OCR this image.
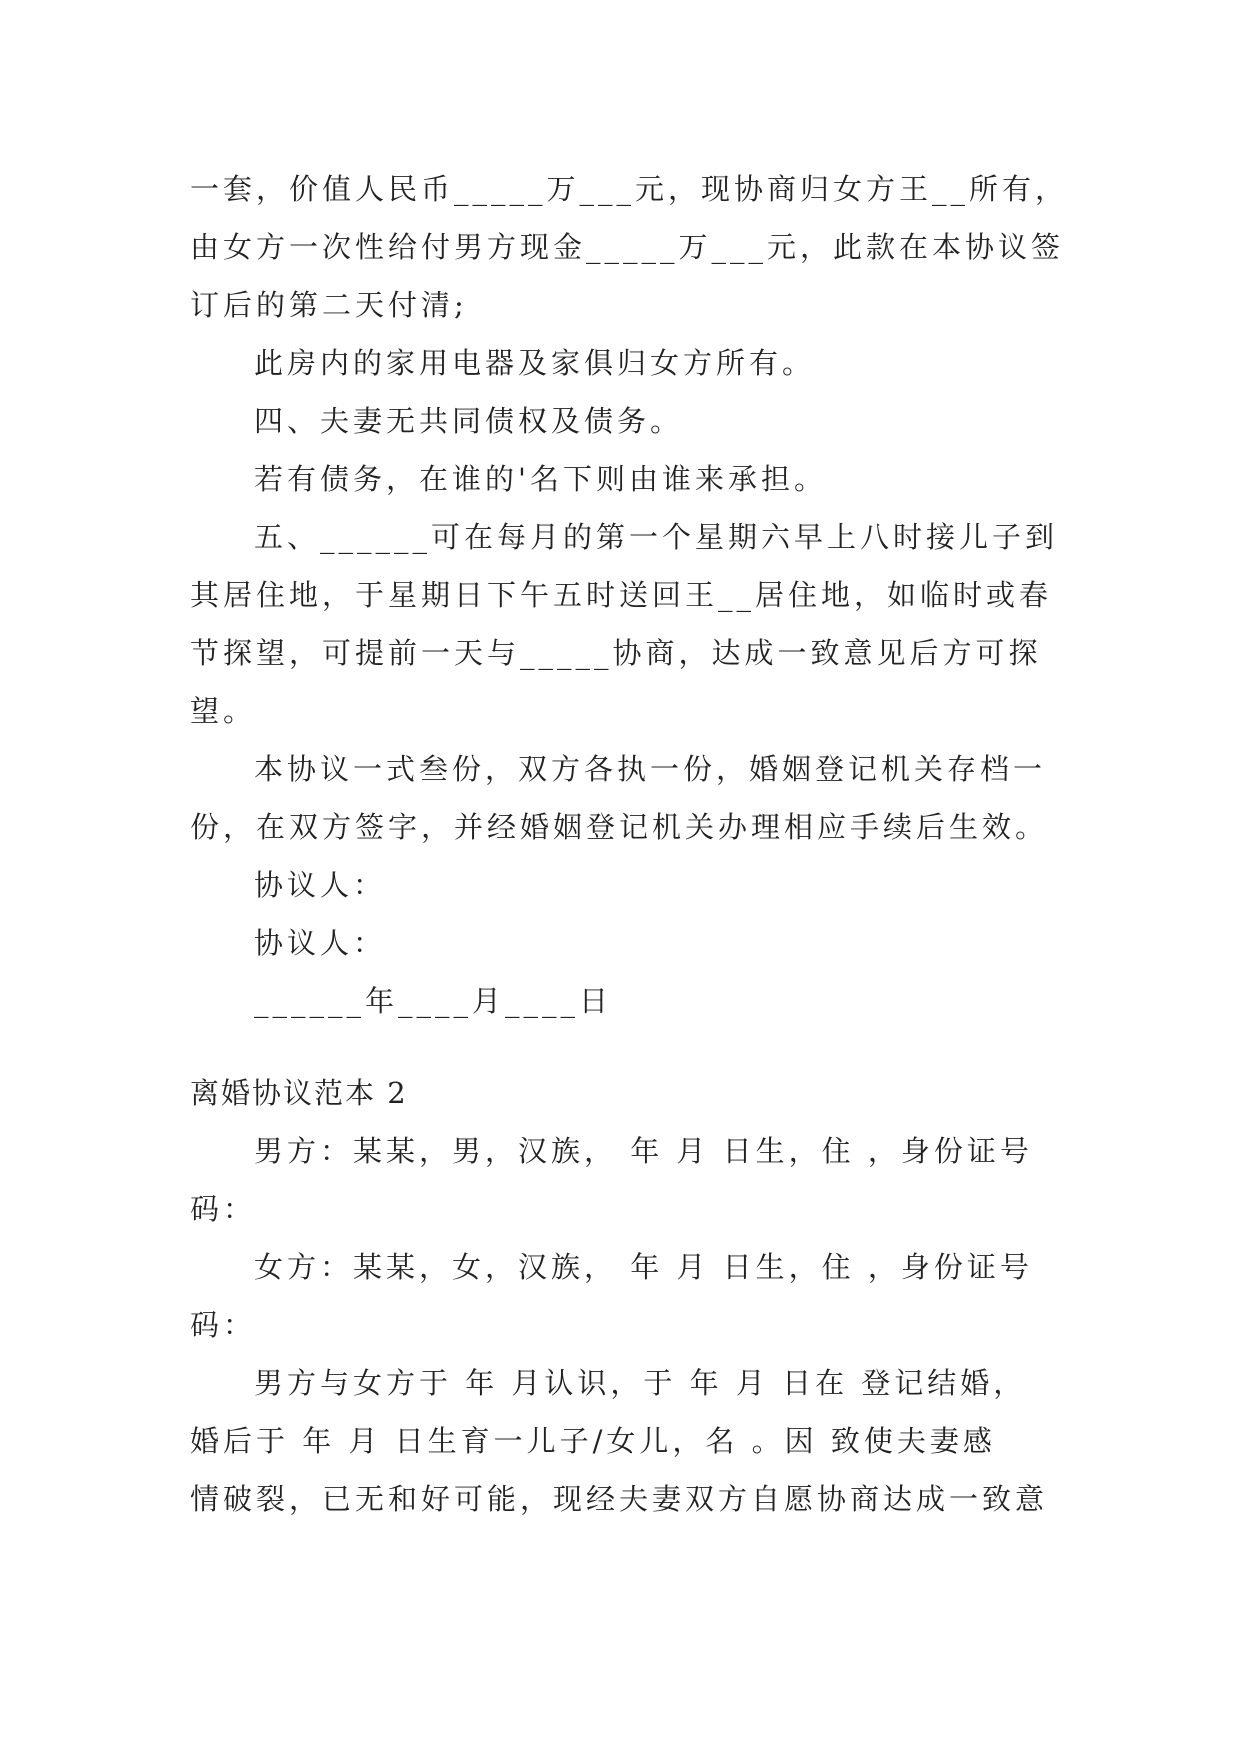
一套，价值人民币_____万___元，现协商归女方王__所有，
由女方一次性给付男方现金_____万___元，此款在本协议签
订后的第二天付清;
此房内的家用电器及家俱归女方所有。
四、夫妻无共同债权及债务。
若有债务，在谁的'名下则由谁来承担。
五、______可在每月的第一个星期六早上八时接儿子到
其居住地，于星期日下午五时送回王__居住地，如临时或春
节探望，可提前一天与_____协商，达成一致意见后方可探
望。
本协议一式叁份，双方各执一份，婚姻登记机关存档一
份，在双方签字，并经婚姻登记机关办理相应手续后生效。
协议人：
协议人：
______年____月____日
离婚协议范本 2
男方：某某，男，汉族， 年 月 日生，住 ，身份证号
码：
女方：某某，女，汉族， 年 月 日生，住 ，身份证号
码：
男方与女方于 年 月认识，于 年 月 日在 登记结婚，
婚后于 年 月 日生育一儿子/女儿，名 。因 致使夫妻感
情破裂，已无和好可能，现经夫妻双方自愿协商达成一致意
